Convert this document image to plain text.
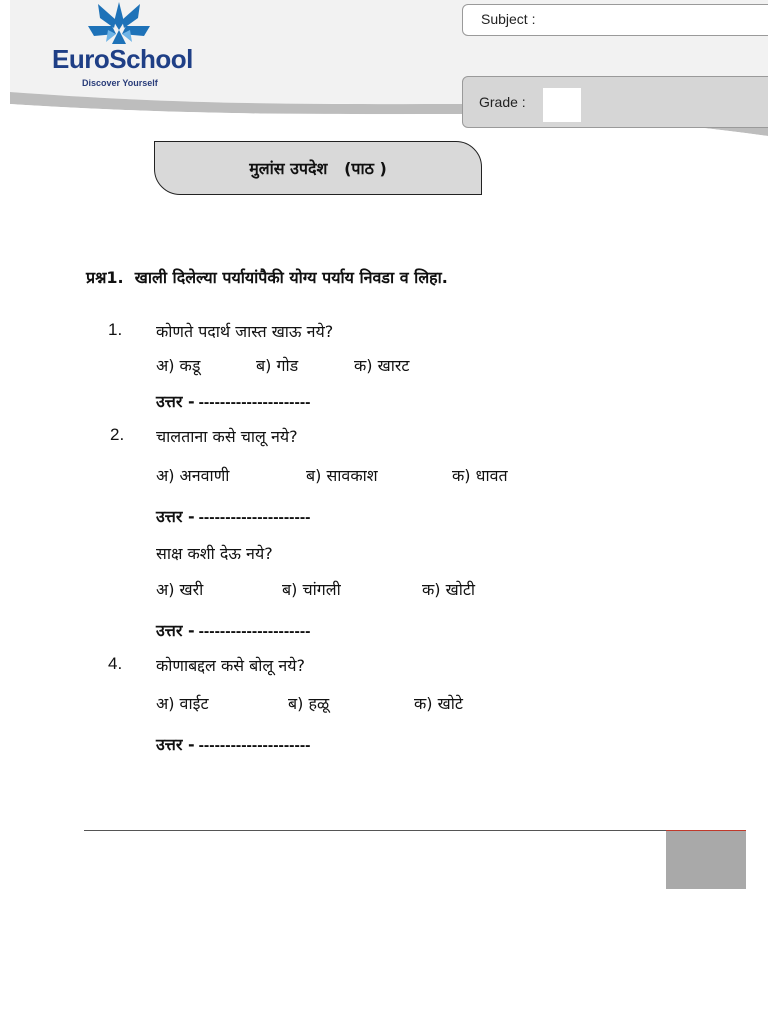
EuroSchool
Discover Yourself
Subject :
Grade :
मुलांस उपदेश   (पाठ )
प्रश्न1.  खाली दिलेल्या पर्यायांपैकी योग्य पर्याय निवडा व लिहा.
1. कोणते पदार्थ जास्त खाऊ नये?
अ) कडू	ब) गोड	क) खारट
उत्तर - ---------------------
2. चालताना कसे चालू नये?
अ) अनवाणी	ब) सावकाश	क) धावत
उत्तर - ---------------------
साक्ष कशी देऊ नये?
अ) खरी	ब) चांगली	क) खोटी
उत्तर - ---------------------
4. कोणाबद्दल कसे बोलू नये?
अ) वाईट	ब) हळू	क) खोटे
उत्तर - ---------------------
